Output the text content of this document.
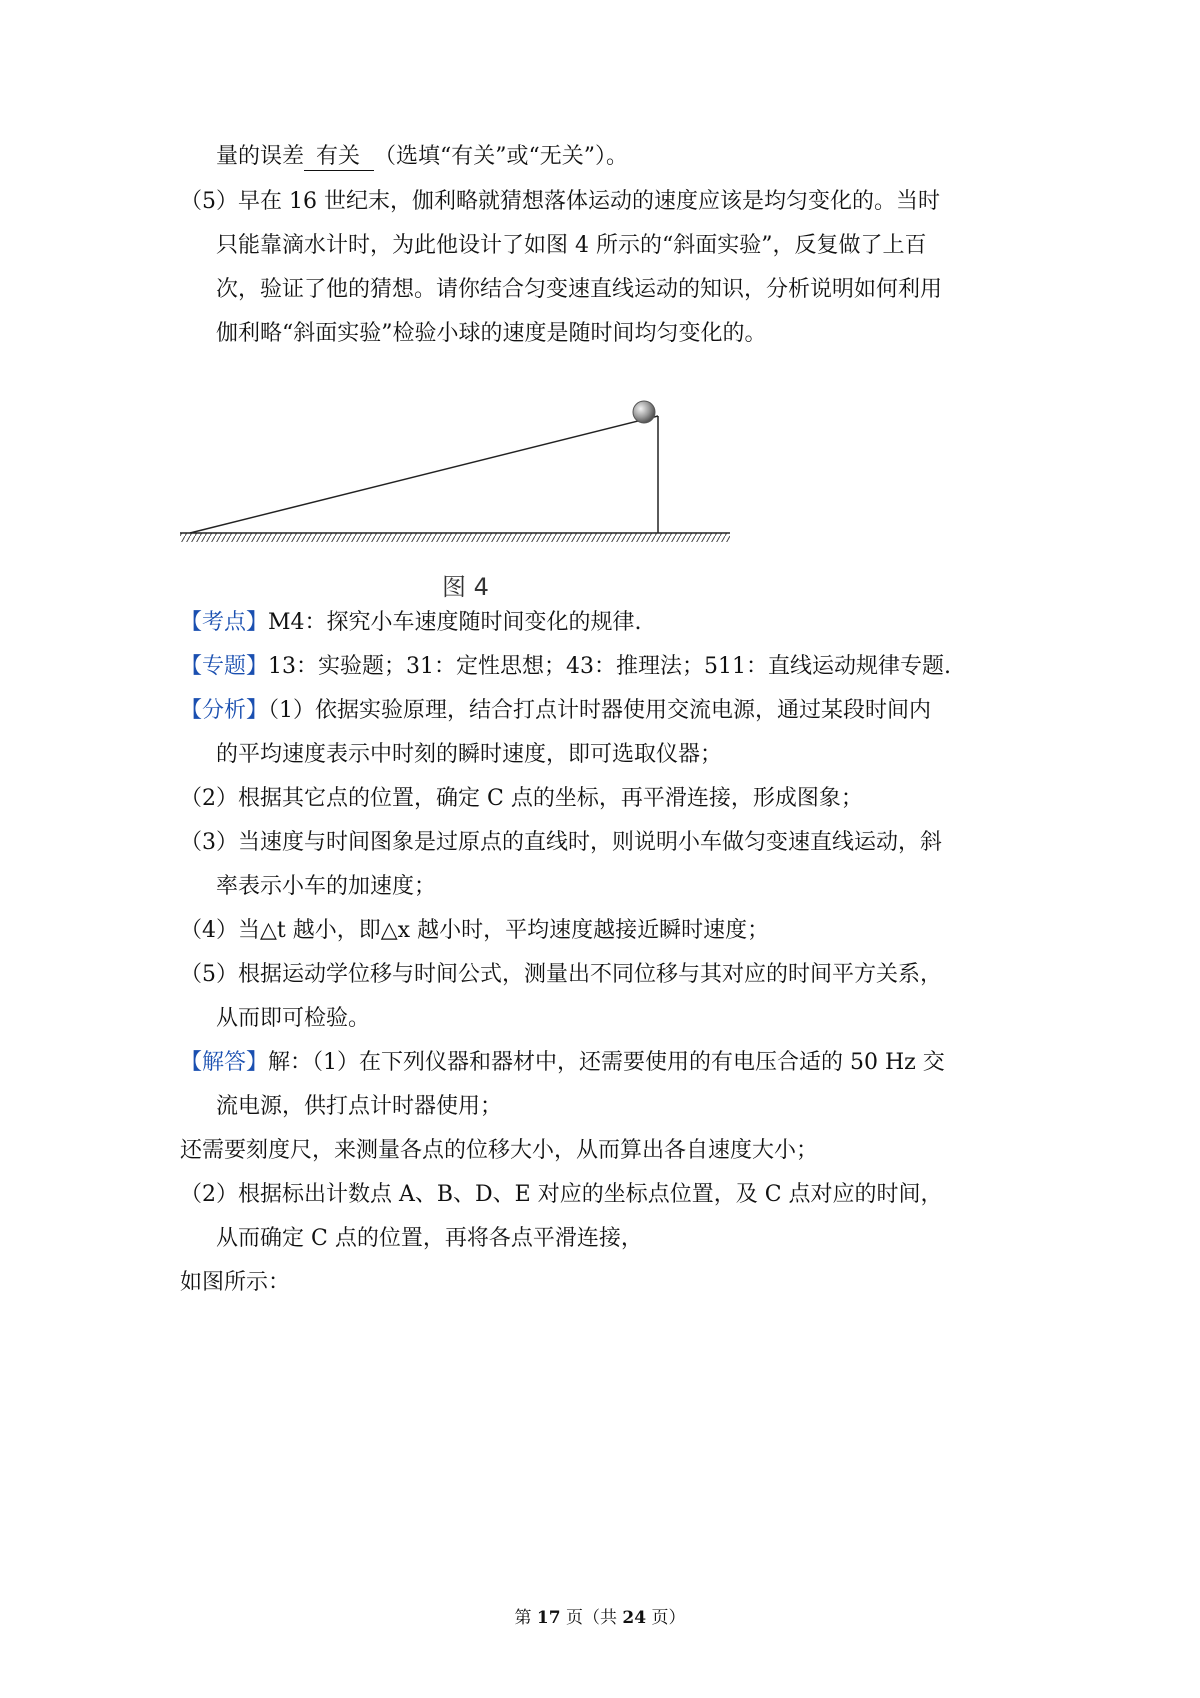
量的误差 有关 （选填“有关”或“无关”）。
（5）早在 16 世纪末，伽利略就猜想落体运动的速度应该是均匀变化的。当时
只能靠滴水计时，为此他设计了如图 4 所示的“斜面实验”，反复做了上百
次，验证了他的猜想。请你结合匀变速直线运动的知识，分析说明如何利用
伽利略“斜面实验”检验小球的速度是随时间均匀变化的。
图 4
【考点】M4：探究小车速度随时间变化的规律.
【专题】13：实验题；31：定性思想；43：推理法；511：直线运动规律专题.
【分析】（1）依据实验原理，结合打点计时器使用交流电源，通过某段时间内
的平均速度表示中时刻的瞬时速度，即可选取仪器；
（2）根据其它点的位置，确定 C 点的坐标，再平滑连接，形成图象；
（3）当速度与时间图象是过原点的直线时，则说明小车做匀变速直线运动，斜
率表示小车的加速度；
（4）当△t 越小，即△x 越小时，平均速度越接近瞬时速度；
（5）根据运动学位移与时间公式，测量出不同位移与其对应的时间平方关系，
从而即可检验。
【解答】解：（1）在下列仪器和器材中，还需要使用的有电压合适的 50 Hz 交
流电源，供打点计时器使用；
还需要刻度尺，来测量各点的位移大小，从而算出各自速度大小；
（2）根据标出计数点 A、B、D、E 对应的坐标点位置，及 C 点对应的时间，
从而确定 C 点的位置，再将各点平滑连接，
如图所示：
第 17 页（共 24 页）
